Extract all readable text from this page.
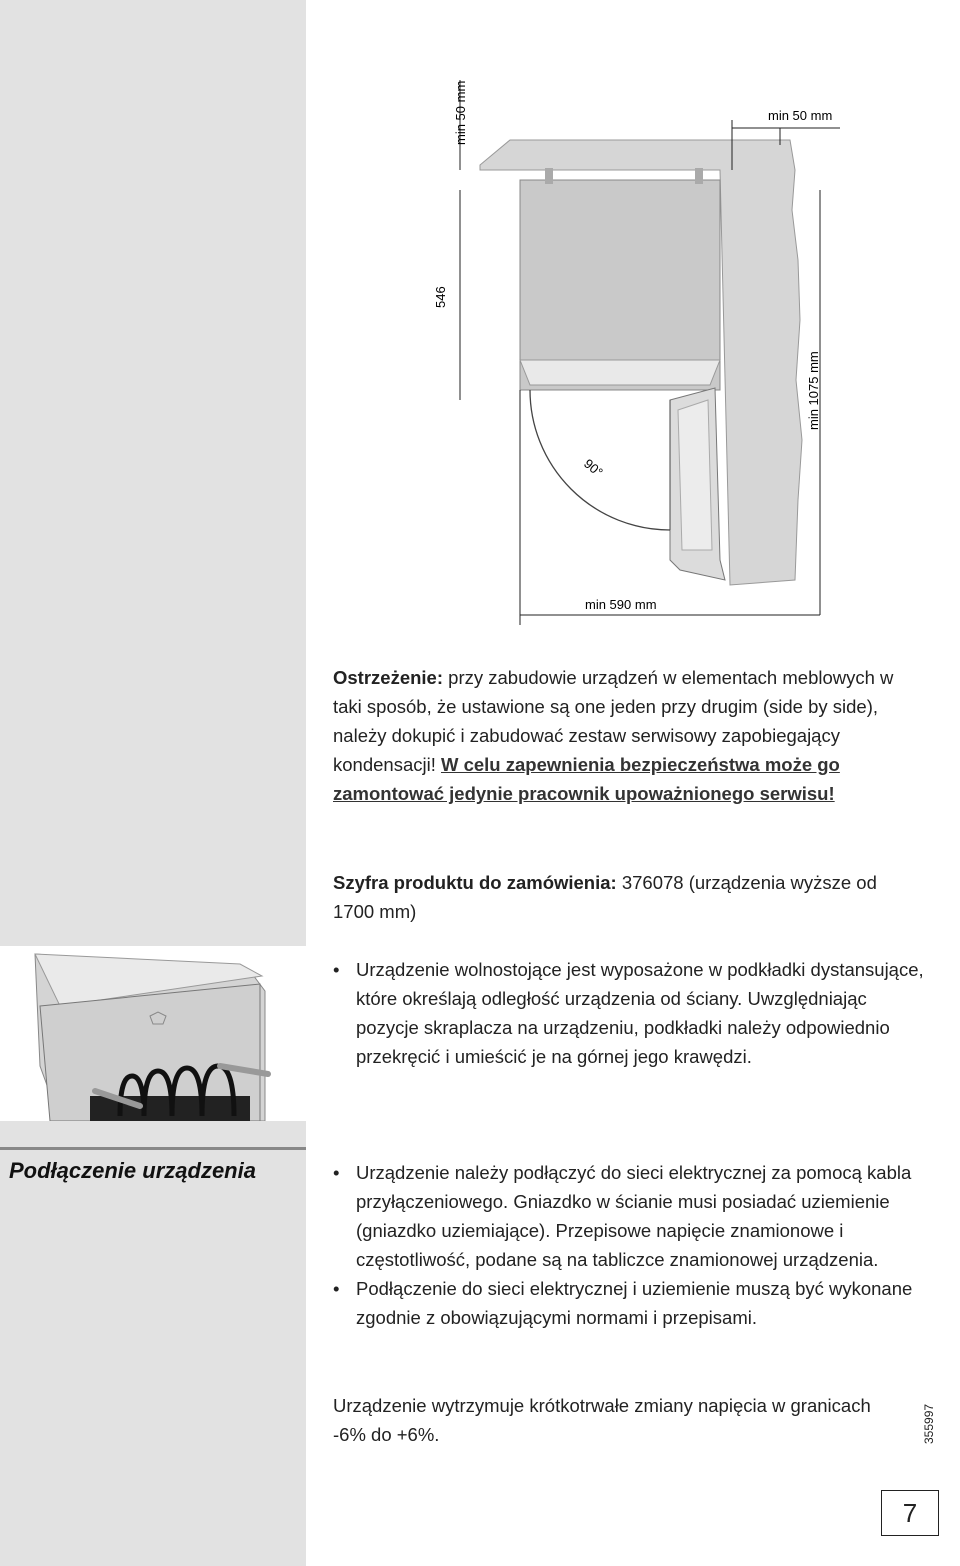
min 50 mm
546
min 50 mm
min 1075 mm
90°
min 590 mm
Ostrzeżenie: przy zabudowie urządzeń w elementach meblowych w taki sposób, że ustawione są one jeden przy drugim (side by side), należy dokupić i zabudować zestaw serwisowy zapobiegający kondensacji! W celu zapewnienia bezpieczeństwa może go zamontować jedynie pracownik upoważnionego serwisu!
Szyfra produktu do zamówienia: 376078 (urządzenia wyższe od 1700 mm)
• Urządzenie wolnostojące jest wyposażone w podkładki dystansujące, które określają odległość urządzenia od ściany. Uwzględniając pozycje skraplacza na urządzeniu, podkładki należy odpowiednio przekręcić i umieścić je na górnej jego krawędzi.
Podłączenie urządzenia	• Urządzenie należy podłączyć do sieci elektrycznej za pomocą kabla przyłączeniowego. Gniazdko w ścianie musi posiadać uziemienie (gniazdko uziemiające). Przepisowe napięcie znamionowe i częstotliwość, podane są na tabliczce znamionowej urządzenia.
• Podłączenie do sieci elektrycznej i uziemienie muszą być wykonane zgodnie z obowiązującymi normami i przepisami.
Urządzenie wytrzymuje krótkotrwałe zmiany napięcia w granicach -6% do +6%.	355997
7
